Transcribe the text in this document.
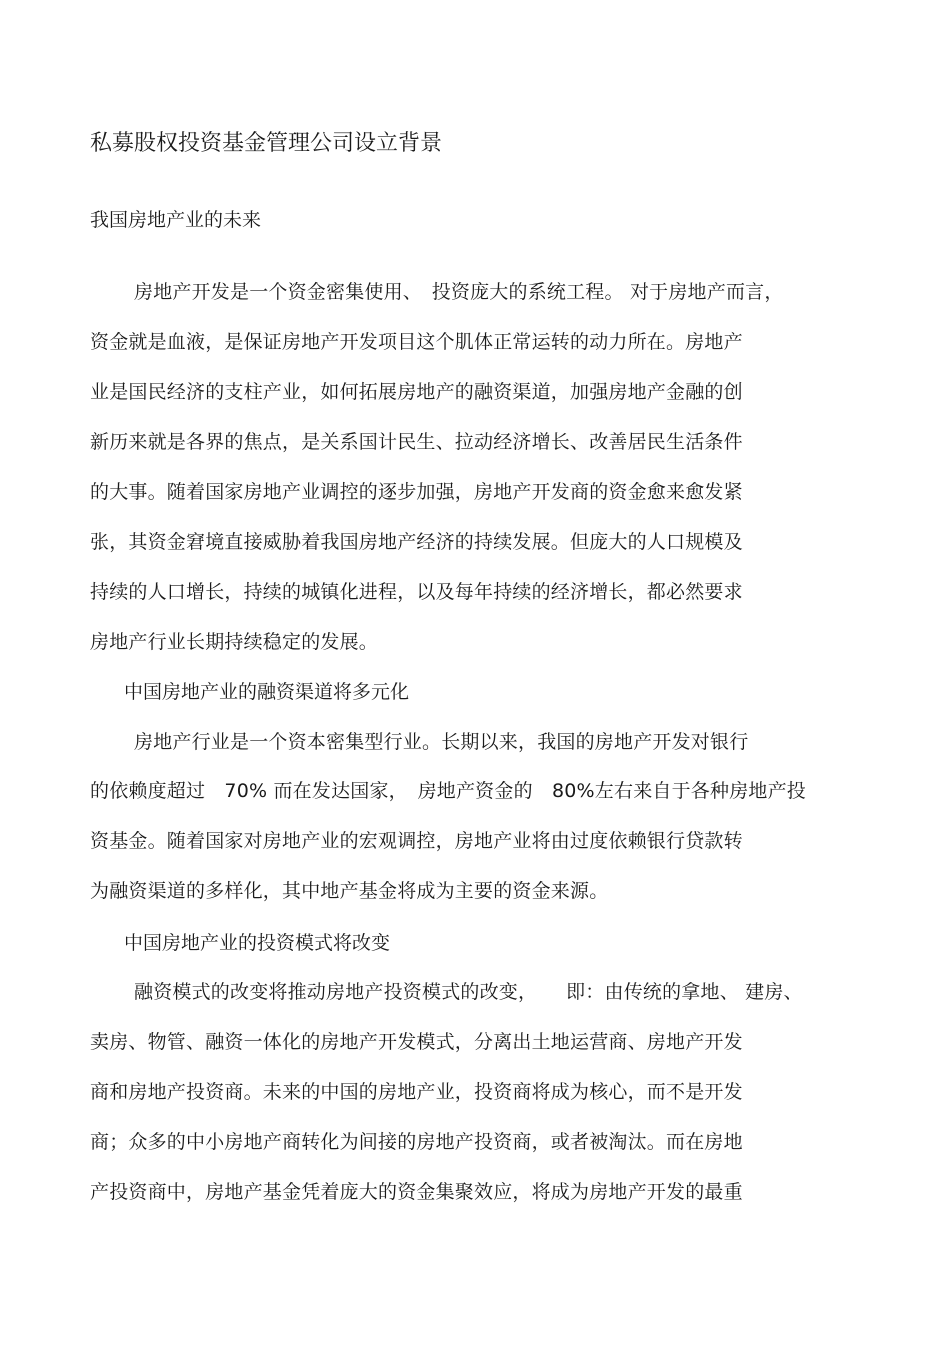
私募股权投资基金管理公司设立背景
我国房地产业的未来
房地产开发是一个资金密集使用、　投资庞大的系统工程。 对于房地产而言，
资金就是血液，是保证房地产开发项目这个肌体正常运转的动力所在。房地产
业是国民经济的支柱产业，如何拓展房地产的融资渠道，加强房地产金融的创
新历来就是各界的焦点，是关系国计民生、拉动经济增长、改善居民生活条件
的大事。随着国家房地产业调控的逐步加强，房地产开发商的资金愈来愈发紧
张，其资金窘境直接威胁着我国房地产经济的持续发展。但庞大的人口规模及
持续的人口增长，持续的城镇化进程，以及每年持续的经济增长，都必然要求
房地产行业长期持续稳定的发展。
中国房地产业的融资渠道将多元化
房地产行业是一个资本密集型行业。长期以来，我国的房地产开发对银行
的依赖度超过　70% 而在发达国家，　房地产资金的　80%左右来自于各种房地产投
资基金。随着国家对房地产业的宏观调控，房地产业将由过度依赖银行贷款转
为融资渠道的多样化，其中地产基金将成为主要的资金来源。
中国房地产业的投资模式将改变
融资模式的改变将推动房地产投资模式的改变，　　即：由传统的拿地、 建房、
卖房、物管、融资一体化的房地产开发模式，分离出土地运营商、房地产开发
商和房地产投资商。未来的中国的房地产业，投资商将成为核心，而不是开发
商；众多的中小房地产商转化为间接的房地产投资商，或者被淘汰。而在房地
产投资商中，房地产基金凭着庞大的资金集聚效应，将成为房地产开发的最重
